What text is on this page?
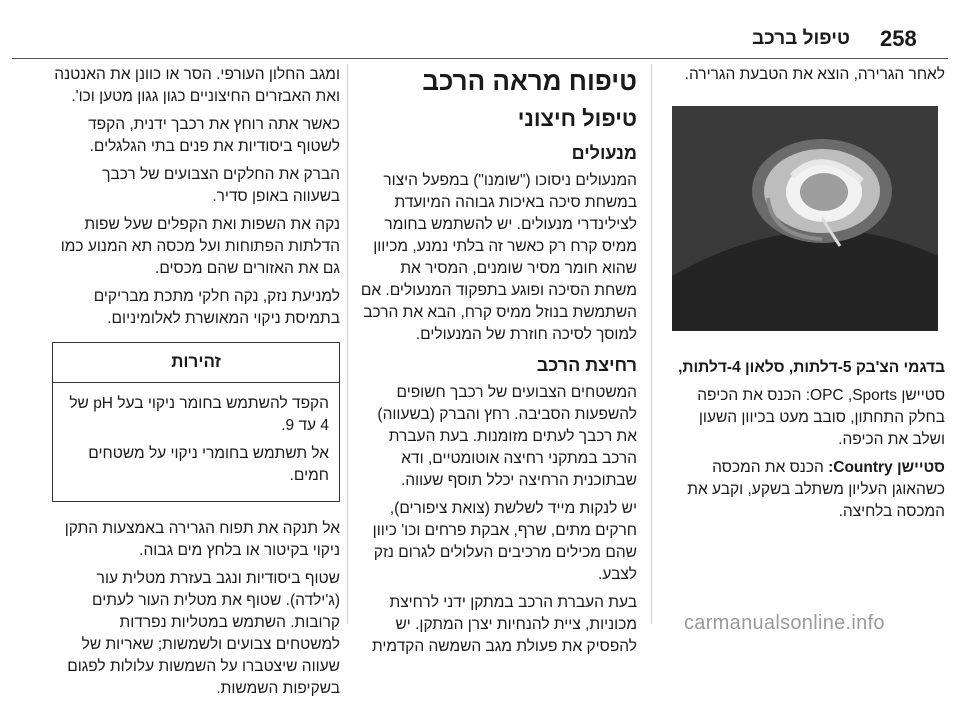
258
טיפול ברכב

לאחר הגרירה, הוצא את הטבעת הגרירה.

בדגמי הצ'בק 5-דלתות, סלאון 4-דלתות,

סטיישן OPC ,Sports: הכנס את הכיפה בחלק התחתון, סובב מעט בכיוון השעון ושלב את הכיפה.

סטיישן Country: הכנס את המכסה כשהאוגן העליון משתלב בשקע, וקבע את המכסה בלחיצה.

טיפוח מראה הרכב
טיפול חיצוני
מנעולים

המנעולים ניסוכו ("שומנו") במפעל היצור במשחת סיכה באיכות גבוהה המיועדת לצילינדרי מנעולים. יש להשתמש בחומר ממיס קרח רק כאשר זה בלתי נמנע, מכיוון שהוא חומר מסיר שומנים, המסיר את משחת הסיכה ופוגע בתפקוד המנעולים. אם השתמשת בנוזל ממיס קרח, הבא את הרכב למוסך לסיכה חוזרת של המנעולים.

רחיצת הרכב

המשטחים הצבועים של רכבך חשופים להשפעות הסביבה. רחץ והברק (בשעווה) את רכבך לעתים מזומנות. בעת העברת הרכב במתקני רחיצה אוטומטיים, ודא שבתוכנית הרחיצה יכלל תוסף שעווה.

יש לנקות מייד לשלשת (צואת ציפורים), חרקים מתים, שרף, אבקת פרחים וכו' כיוון שהם מכילים מרכיבים העלולים לגרום נזק לצבע.

בעת העברת הרכב במתקן ידני לרחיצת מכוניות, ציית להנחיות יצרן המתקן. יש להפסיק את פעולת מגב השמשה הקדמית

ומגב החלון העורפי. הסר או כוונן את האנטנה ואת האבזרים החיצוניים כגון גגון מטען וכו'.

כאשר אתה רוחץ את רכבך ידנית, הקפד לשטוף ביסודיות את פנים בתי הגלגלים.

הברק את החלקים הצבועים של רכבך בשעווה באופן סדיר.

נקה את השפות ואת הקפלים שעל שפות הדלתות הפתוחות ועל מכסה תא המנוע כמו גם את האזורים שהם מכסים.

למניעת נזק, נקה חלקי מתכת מבריקים בתמיסת ניקוי המאושרת לאלומיניום.

זהירות

הקפד להשתמש בחומר ניקוי בעל pH של 4 עד 9.

אל תשתמש בחומרי ניקוי על משטחים חמים.

אל תנקה את תפוח הגרירה באמצעות התקן ניקוי בקיטור או בלחץ מים גבוה.

שטוף ביסודיות ונגב בעזרת מטלית עור (ג'ילדה). שטוף את מטלית העור לעתים קרובות. השתמש במטליות נפרדות למשטחים צבועים ולשמשות; שאריות של שעווה שיצטברו על השמשות עלולות לפגום בשקיפות השמשות.

carmanualsonline.info
